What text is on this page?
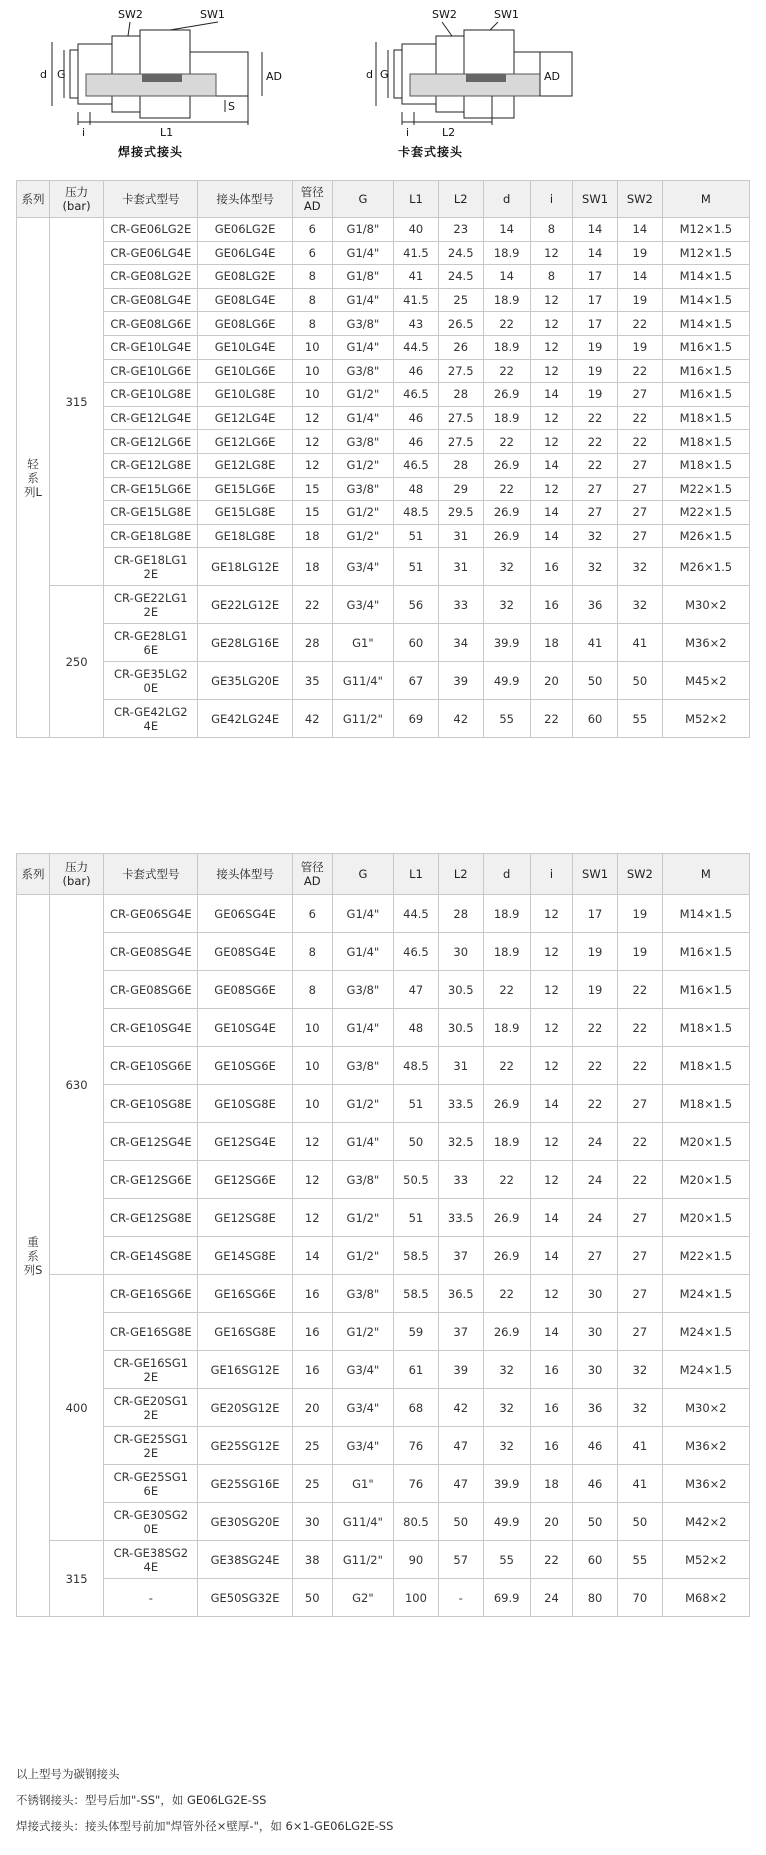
SW2	SW1
d G	AD
S
i	L1
焊接式接头
SW2	SW1
d G	AD
i	L2
卡套式接头
系列	压力(bar)	卡套式型号	接头体型号	管径AD	G	L1	L2	d	i	SW1	SW2	M
轻系列L	315	CR-GE06LG2E	GE06LG2E	6	G1/8"	40	23	14	8	14	14	M12×1.5
		CR-GE06LG4E	GE06LG4E	6	G1/4"	41.5	24.5	18.9	12	14	19	M12×1.5
		CR-GE08LG2E	GE08LG2E	8	G1/8"	41	24.5	14	8	17	14	M14×1.5
		CR-GE08LG4E	GE08LG4E	8	G1/4"	41.5	25	18.9	12	17	19	M14×1.5
		CR-GE08LG6E	GE08LG6E	8	G3/8"	43	26.5	22	12	17	22	M14×1.5
		CR-GE10LG4E	GE10LG4E	10	G1/4"	44.5	26	18.9	12	19	19	M16×1.5
		CR-GE10LG6E	GE10LG6E	10	G3/8"	46	27.5	22	12	19	22	M16×1.5
		CR-GE10LG8E	GE10LG8E	10	G1/2"	46.5	28	26.9	14	19	27	M16×1.5
		CR-GE12LG4E	GE12LG4E	12	G1/4"	46	27.5	18.9	12	22	22	M18×1.5
		CR-GE12LG6E	GE12LG6E	12	G3/8"	46	27.5	22	12	22	22	M18×1.5
		CR-GE12LG8E	GE12LG8E	12	G1/2"	46.5	28	26.9	14	22	27	M18×1.5
		CR-GE15LG6E	GE15LG6E	15	G3/8"	48	29	22	12	27	27	M22×1.5
		CR-GE15LG8E	GE15LG8E	15	G1/2"	48.5	29.5	26.9	14	27	27	M22×1.5
		CR-GE18LG8E	GE18LG8E	18	G1/2"	51	31	26.9	14	32	27	M26×1.5
		CR-GE18LG12E	GE18LG12E	18	G3/4"	51	31	32	16	32	32	M26×1.5
	250	CR-GE22LG12E	GE22LG12E	22	G3/4"	56	33	32	16	36	32	M30×2
		CR-GE28LG16E	GE28LG16E	28	G1"	60	34	39.9	18	41	41	M36×2
		CR-GE35LG20E	GE35LG20E	35	G11/4"	67	39	49.9	20	50	50	M45×2
		CR-GE42LG24E	GE42LG24E	42	G11/2"	69	42	55	22	60	55	M52×2
系列	压力(bar)	卡套式型号	接头体型号	管径AD	G	L1	L2	d	i	SW1	SW2	M
重系列S	630	CR-GE06SG4E	GE06SG4E	6	G1/4"	44.5	28	18.9	12	17	19	M14×1.5
		CR-GE08SG4E	GE08SG4E	8	G1/4"	46.5	30	18.9	12	19	19	M16×1.5
		CR-GE08SG6E	GE08SG6E	8	G3/8"	47	30.5	22	12	19	22	M16×1.5
		CR-GE10SG4E	GE10SG4E	10	G1/4"	48	30.5	18.9	12	22	22	M18×1.5
		CR-GE10SG6E	GE10SG6E	10	G3/8"	48.5	31	22	12	22	22	M18×1.5
		CR-GE10SG8E	GE10SG8E	10	G1/2"	51	33.5	26.9	14	22	27	M18×1.5
		CR-GE12SG4E	GE12SG4E	12	G1/4"	50	32.5	18.9	12	24	22	M20×1.5
		CR-GE12SG6E	GE12SG6E	12	G3/8"	50.5	33	22	12	24	22	M20×1.5
		CR-GE12SG8E	GE12SG8E	12	G1/2"	51	33.5	26.9	14	24	27	M20×1.5
		CR-GE14SG8E	GE14SG8E	14	G1/2"	58.5	37	26.9	14	27	27	M22×1.5
	400	CR-GE16SG6E	GE16SG6E	16	G3/8"	58.5	36.5	22	12	30	27	M24×1.5
		CR-GE16SG8E	GE16SG8E	16	G1/2"	59	37	26.9	14	30	27	M24×1.5
		CR-GE16SG12E	GE16SG12E	16	G3/4"	61	39	32	16	30	32	M24×1.5
		CR-GE20SG12E	GE20SG12E	20	G3/4"	68	42	32	16	36	32	M30×2
		CR-GE25SG12E	GE25SG12E	25	G3/4"	76	47	32	16	46	41	M36×2
		CR-GE25SG16E	GE25SG16E	25	G1"	76	47	39.9	18	46	41	M36×2
		CR-GE30SG20E	GE30SG20E	30	G11/4"	80.5	50	49.9	20	50	50	M42×2
	315	CR-GE38SG24E	GE38SG24E	38	G11/2"	90	57	55	22	60	55	M52×2
		-	GE50SG32E	50	G2"	100	-	69.9	24	80	70	M68×2
以上型号为碳钢接头
不锈钢接头：型号后加"-SS"，如 GE06LG2E-SS
焊接式接头：接头体型号前加"焊管外径×壁厚-"，如 6×1-GE06LG2E-SS
